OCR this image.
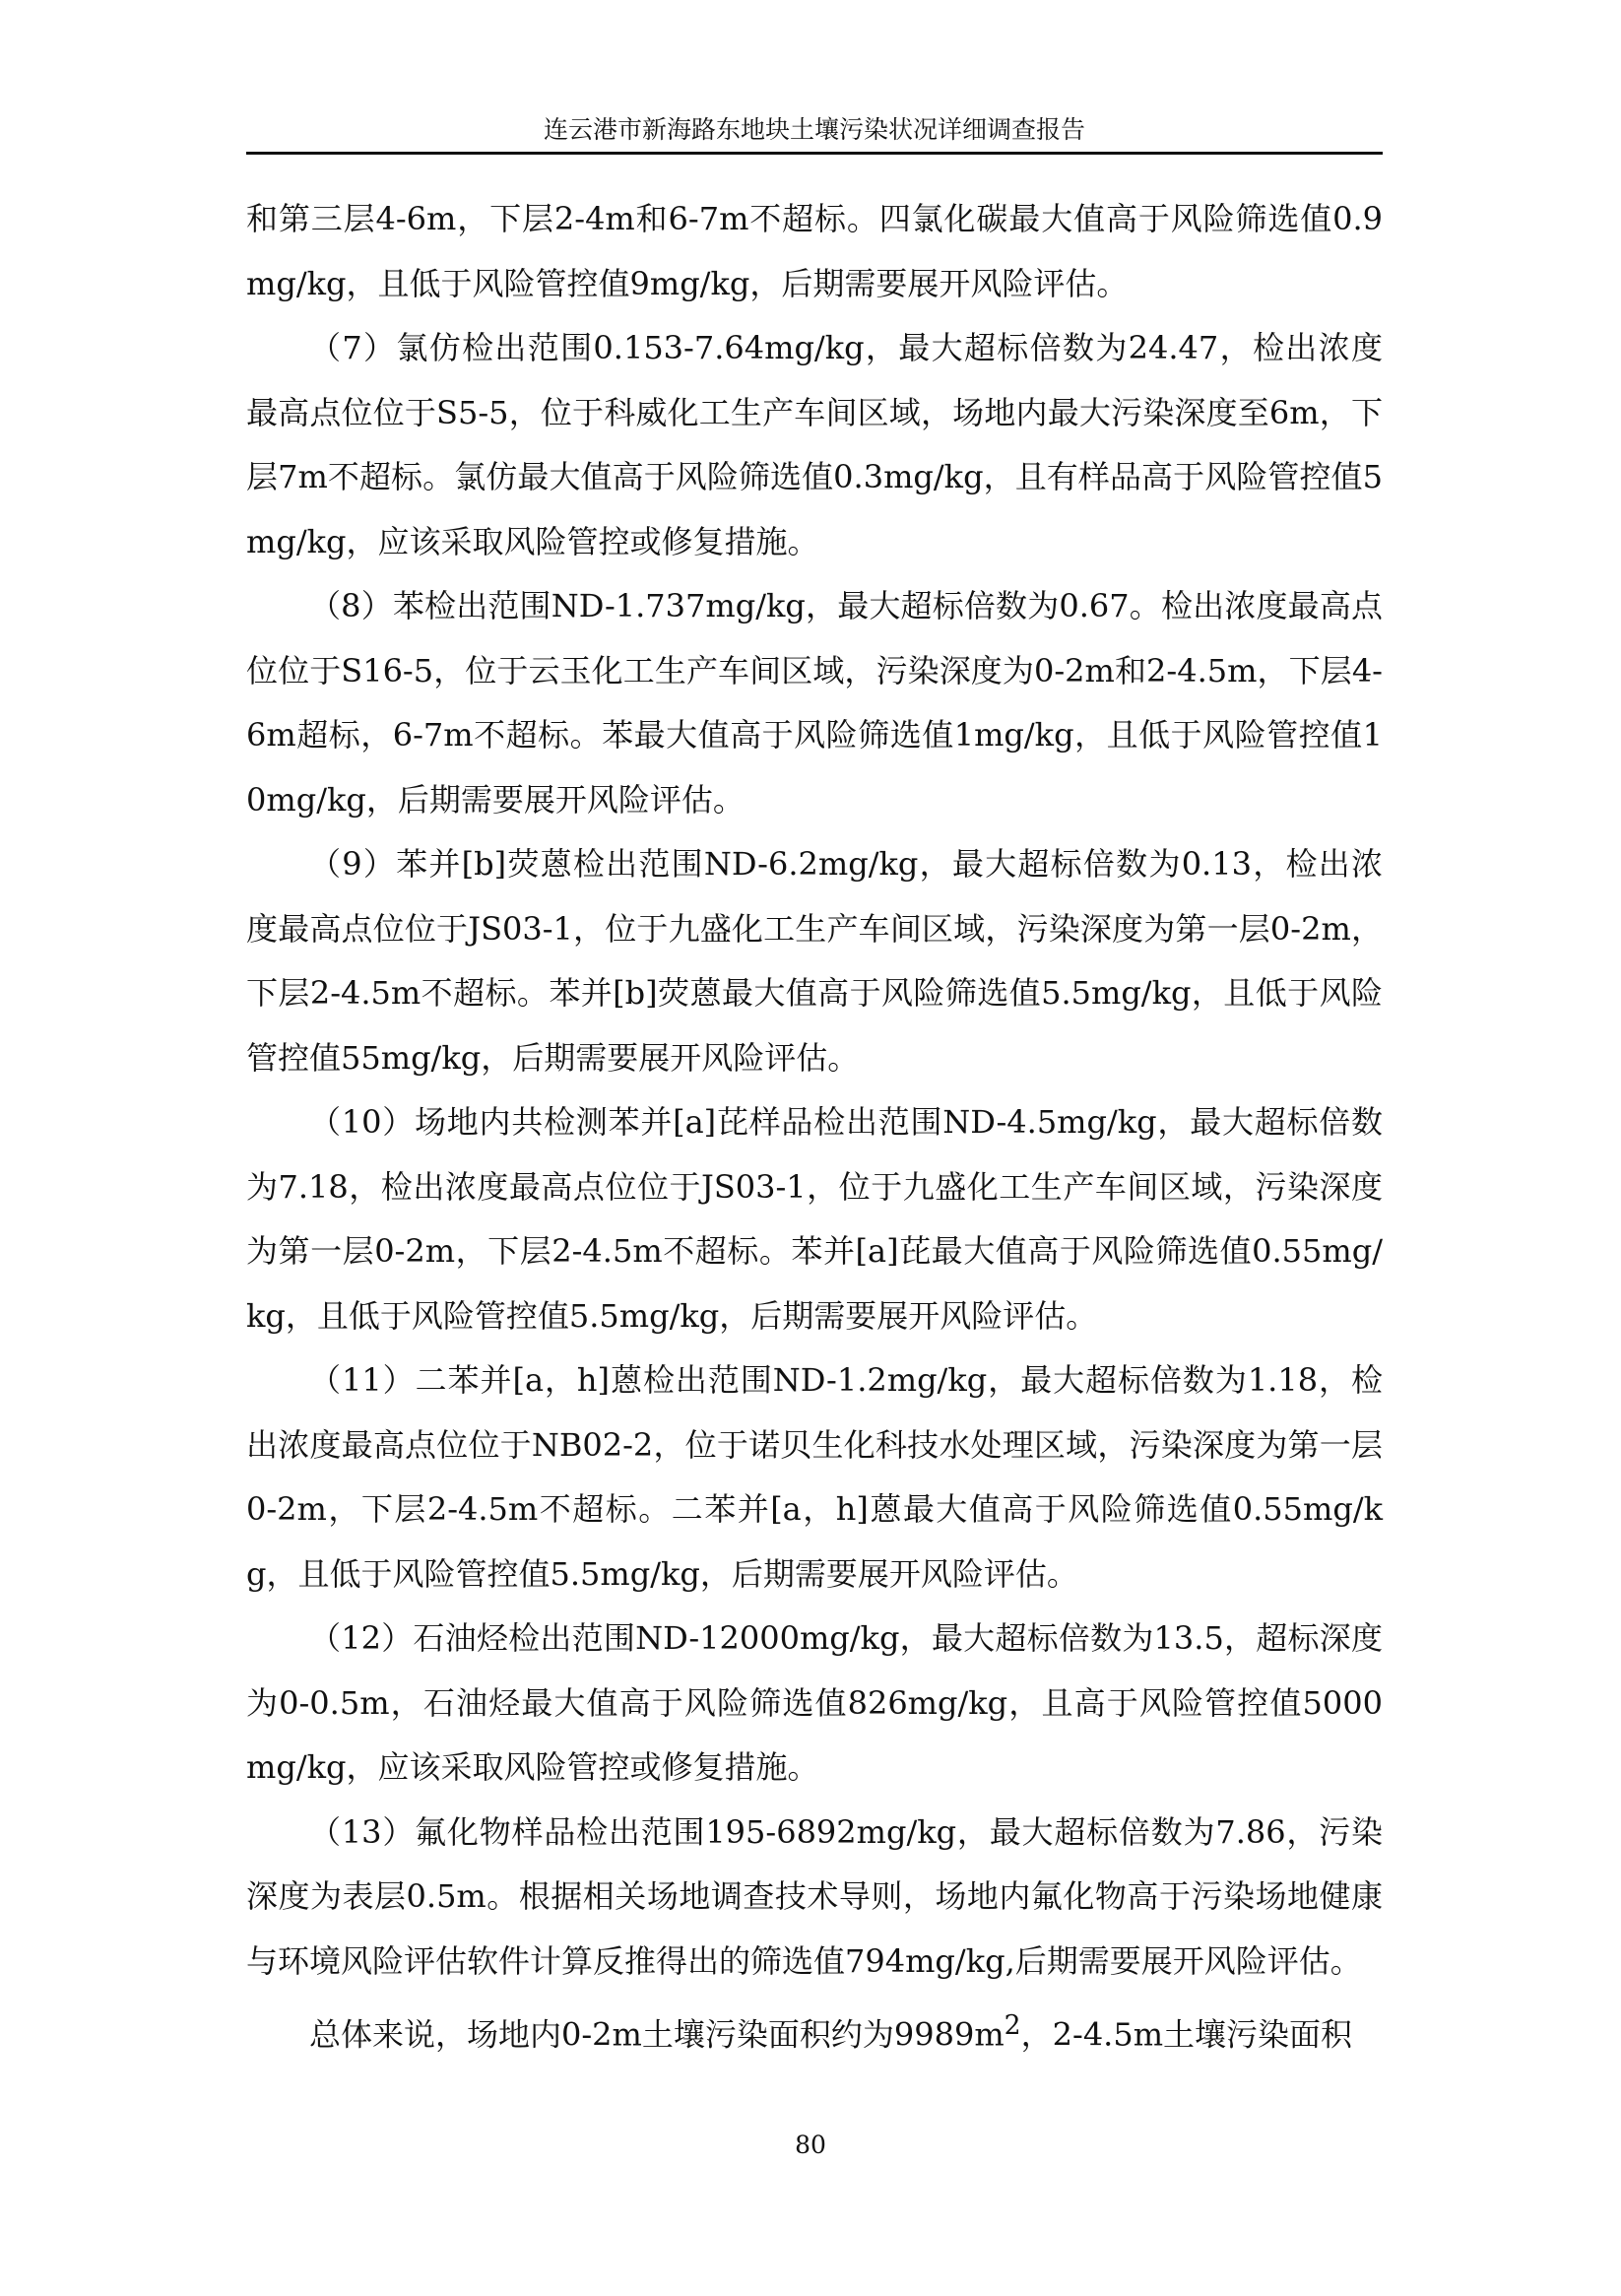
连云港市新海路东地块土壤污染状况详细调查报告

和第三层4-6m，下层2-4m和6-7m不超标。四氯化碳最大值高于风险筛选值0.9mg/kg，且低于风险管控值9mg/kg，后期需要展开风险评估。

（7）氯仿检出范围0.153-7.64mg/kg，最大超标倍数为24.47，检出浓度最高点位位于S5-5，位于科威化工生产车间区域，场地内最大污染深度至6m，下层7m不超标。氯仿最大值高于风险筛选值0.3mg/kg，且有样品高于风险管控值5mg/kg，应该采取风险管控或修复措施。

（8）苯检出范围ND-1.737mg/kg，最大超标倍数为0.67。检出浓度最高点位位于S16-5，位于云玉化工生产车间区域，污染深度为0-2m和2-4.5m，下层4-6m超标，6-7m不超标。苯最大值高于风险筛选值1mg/kg，且低于风险管控值10mg/kg，后期需要展开风险评估。

（9）苯并[b]荧蒽检出范围ND-6.2mg/kg，最大超标倍数为0.13，检出浓度最高点位位于JS03-1，位于九盛化工生产车间区域，污染深度为第一层0-2m，下层2-4.5m不超标。苯并[b]荧蒽最大值高于风险筛选值5.5mg/kg，且低于风险管控值55mg/kg，后期需要展开风险评估。

（10）场地内共检测苯并[a]芘样品检出范围ND-4.5mg/kg，最大超标倍数为7.18，检出浓度最高点位位于JS03-1，位于九盛化工生产车间区域，污染深度为第一层0-2m，下层2-4.5m不超标。苯并[a]芘最大值高于风险筛选值0.55mg/kg，且低于风险管控值5.5mg/kg，后期需要展开风险评估。

（11）二苯并[a，h]蒽检出范围ND-1.2mg/kg，最大超标倍数为1.18，检出浓度最高点位位于NB02-2，位于诺贝生化科技水处理区域，污染深度为第一层0-2m，下层2-4.5m不超标。二苯并[a，h]蒽最大值高于风险筛选值0.55mg/kg，且低于风险管控值5.5mg/kg，后期需要展开风险评估。

（12）石油烃检出范围ND-12000mg/kg，最大超标倍数为13.5，超标深度为0-0.5m，石油烃最大值高于风险筛选值826mg/kg，且高于风险管控值5000mg/kg，应该采取风险管控或修复措施。

（13）氟化物样品检出范围195-6892mg/kg，最大超标倍数为7.86，污染深度为表层0.5m。根据相关场地调查技术导则，场地内氟化物高于污染场地健康与环境风险评估软件计算反推得出的筛选值794mg/kg,后期需要展开风险评估。

总体来说，场地内0-2m土壤污染面积约为$9989m^2$，2-4.5m土壤污染面积

80
